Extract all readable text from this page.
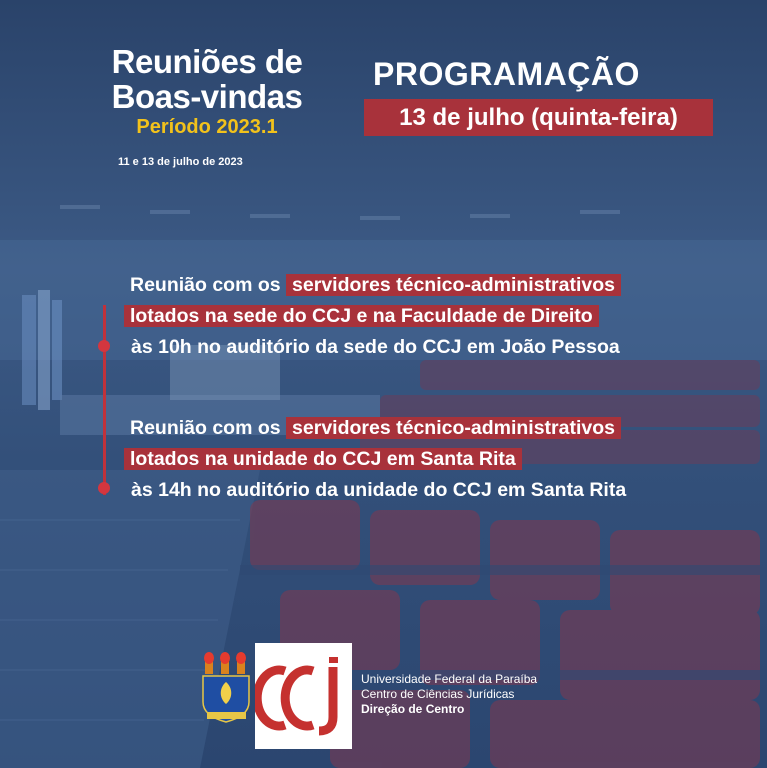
Reuniões de
Boas-vindas
Período 2023.1
11 e 13 de julho de 2023
PROGRAMAÇÃO
13 de julho (quinta-feira)
Reunião com os servidores técnico-administrativos
lotados na sede do CCJ e na Faculdade de Direito
às 10h no auditório da sede do CCJ em João Pessoa
Reunião com os servidores técnico-administrativos
lotados na unidade do CCJ em Santa Rita
às 14h no auditório da unidade do CCJ em Santa Rita
Universidade Federal da Paraíba
Centro de Ciências Jurídicas
Direção de Centro
